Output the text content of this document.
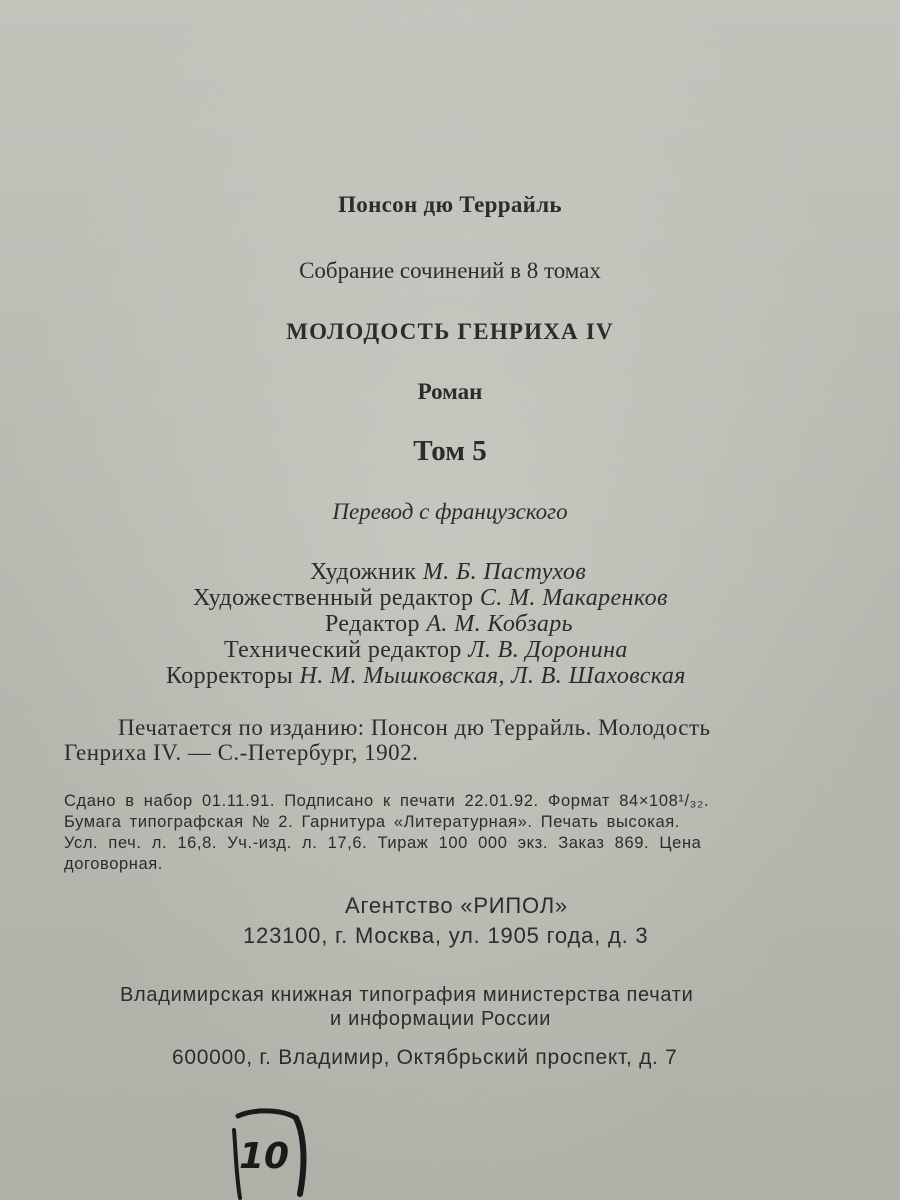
Понсон дю Террайль
Собрание сочинений в 8 томах
МОЛОДОСТЬ ГЕНРИХА IV
Роман
Том 5
Перевод с французского
Художник М. Б. Пастухов
Художественный редактор С. М. Макаренков
Редактор А. М. Кобзарь
Технический редактор Л. В. Доронина
Корректоры Н. М. Мышковская, Л. В. Шаховская
Печатается по изданию: Понсон дю Террайль. Молодость
Генриха IV. — С.-Петербург, 1902.
Сдано в набор 01.11.91. Подписано к печати 22.01.92. Формат 84×108¹/₃₂.
Бумага типографская № 2. Гарнитура «Литературная». Печать высокая.
Усл. печ. л. 16,8. Уч.-изд. л. 17,6. Тираж 100 000 экз. Заказ 869. Цена
договорная.
Агентство «РИПОЛ»
123100, г. Москва, ул. 1905 года, д. 3
Владимирская книжная типография министерства печати
и информации России
600000, г. Владимир, Октябрьский проспект, д. 7
10
